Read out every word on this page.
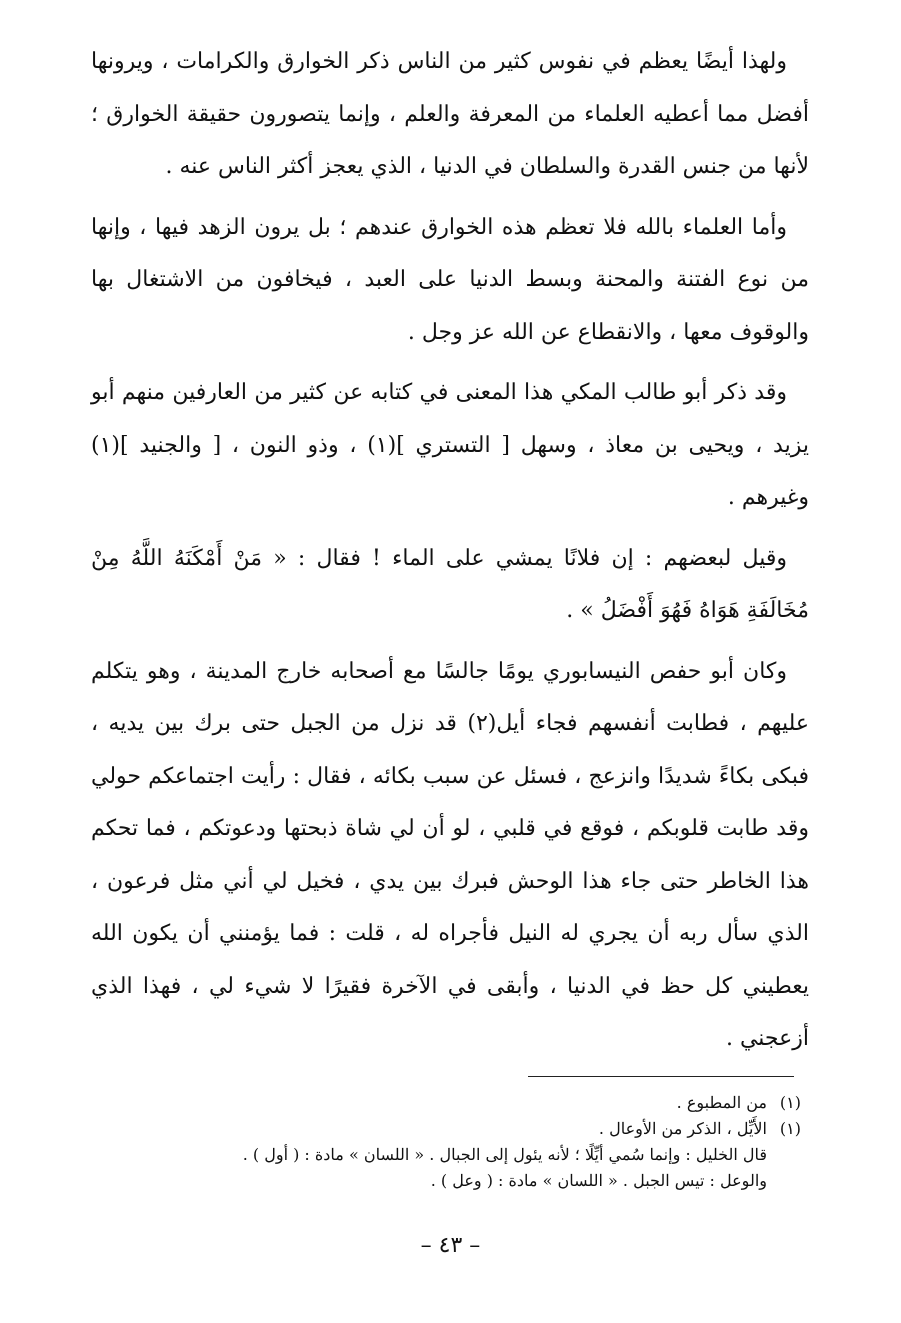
ولهذا أيضًا يعظم في نفوس كثير من الناس ذكر الخوارق والكرامات ، ويرونها أفضل مما أعطيه العلماء من المعرفة والعلم ، وإنما يتصورون حقيقة الخوارق ؛ لأنها من جنس القدرة والسلطان في الدنيا ، الذي يعجز أكثر الناس عنه .

وأما العلماء بالله فلا تعظم هذه الخوارق عندهم ؛ بل يرون الزهد فيها ، وإنها من نوع الفتنة والمحنة وبسط الدنيا على العبد ، فيخافون من الاشتغال بها والوقوف معها ، والانقطاع عن الله عز وجل .

وقد ذكر أبو طالب المكي هذا المعنى في كتابه عن كثير من العارفين منهم أبو يزيد ، ويحيى بن معاذ ، وسهل [ التستري ](١) ، وذو النون ، [ والجنيد ](١) وغيرهم .

وقيل لبعضهم : إن فلانًا يمشي على الماء ! فقال : « مَنْ أَمْكَنَهُ اللَّهُ مِنْ مُخَالَفَةِ هَوَاهُ فَهُوَ أَفْضَلُ » .

وكان أبو حفص النيسابوري يومًا جالسًا مع أصحابه خارج المدينة ، وهو يتكلم عليهم ، فطابت أنفسهم فجاء أيل(٢) قد نزل من الجبل حتى برك بين يديه ، فبكى بكاءً شديدًا وانزعج ، فسئل عن سبب بكائه ، فقال : رأيت اجتماعكم حولي وقد طابت قلوبكم ، فوقع في قلبي ، لو أن لي شاة ذبحتها ودعوتكم ، فما تحكم هذا الخاطر حتى جاء هذا الوحش فبرك بين يدي ، فخيل لي أني مثل فرعون ، الذي سأل ربه أن يجري له النيل فأجراه له ، قلت : فما يؤمنني أن يكون الله يعطيني كل حظ في الدنيا ، وأبقى في الآخرة فقيرًا لا شيء لي ، فهذا الذي أزعجني .

(١)من المطبوع .
(١)الأَيِّل ، الذكر من الأوعال .
قال الخليل : وإنما سُمي أيِّلًا ؛ لأنه يئول إلى الجبال . « اللسان » مادة : ( أول ) .
والوعل : تيس الجبل . « اللسان » مادة : ( وعل ) .
– ٤٣ –
